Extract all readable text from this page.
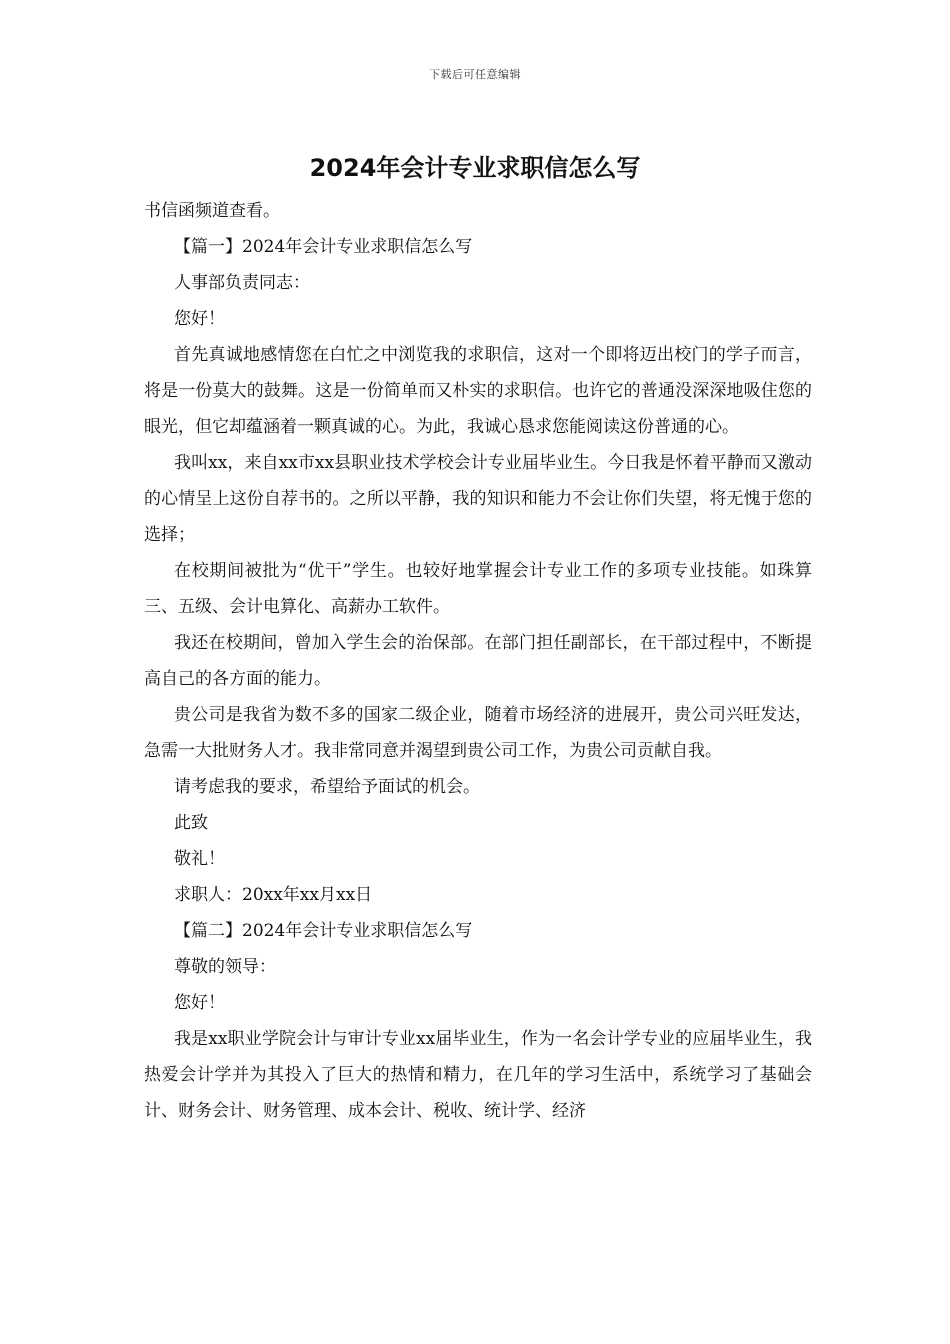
下载后可任意编辑
2024年会计专业求职信怎么写

书信函频道查看。

【篇一】2024年会计专业求职信怎么写

人事部负责同志：

您好！

首先真诚地感情您在白忙之中浏览我的求职信，这对一个即将迈出校门的学子而言，将是一份莫大的鼓舞。这是一份简单而又朴实的求职信。也许它的普通没深深地吸住您的眼光，但它却蕴涵着一颗真诚的心。为此，我诚心恳求您能阅读这份普通的心。

我叫xx，来自xx市xx县职业技术学校会计专业届毕业生。今日我是怀着平静而又激动的心情呈上这份自荐书的。之所以平静，我的知识和能力不会让你们失望，将无愧于您的选择；

在校期间被批为“优干”学生。也较好地掌握会计专业工作的多项专业技能。如珠算三、五级、会计电算化、高薪办工软件。

我还在校期间，曾加入学生会的治保部。在部门担任副部长，在干部过程中，不断提高自己的各方面的能力。

贵公司是我省为数不多的国家二级企业，随着市场经济的进展开，贵公司兴旺发达，急需一大批财务人才。我非常同意并渴望到贵公司工作，为贵公司贡献自我。

请考虑我的要求，希望给予面试的机会。

此致

敬礼！

求职人：20xx年xx月xx日

【篇二】2024年会计专业求职信怎么写

尊敬的领导：

您好！

我是xx职业学院会计与审计专业xx届毕业生，作为一名会计学专业的应届毕业生，我热爱会计学并为其投入了巨大的热情和精力，在几年的学习生活中，系统学习了基础会计、财务会计、财务管理、成本会计、税收、统计学、经济
